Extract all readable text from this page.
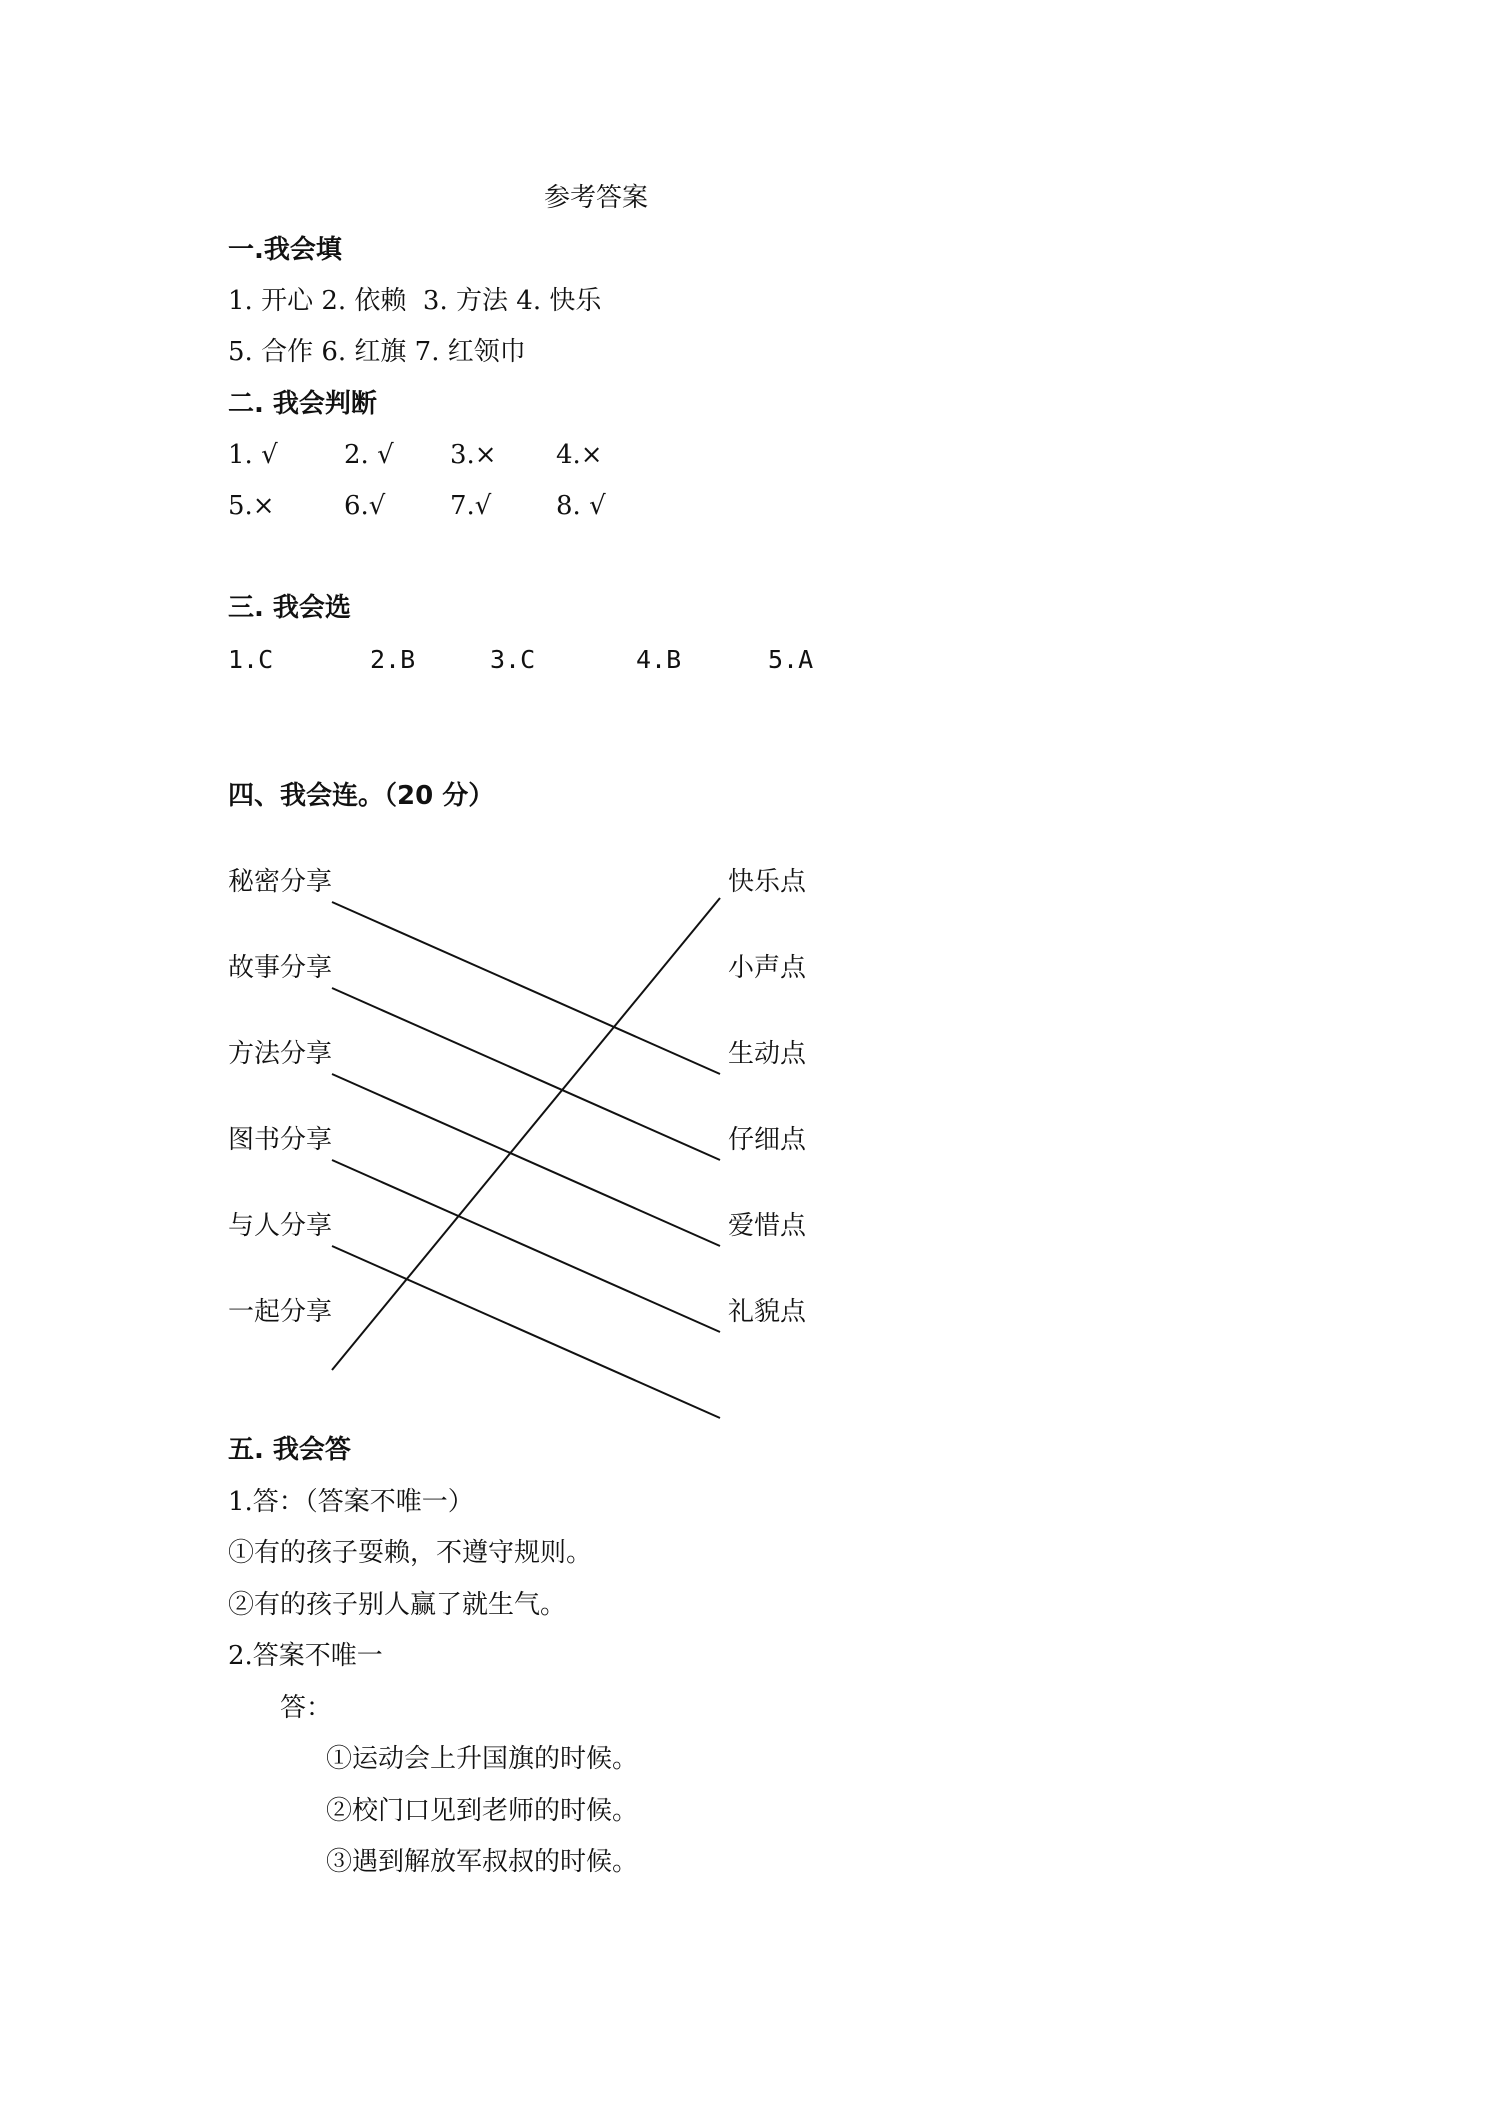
参考答案
一.我会填
1. 开心 2. 依赖  3. 方法 4. 快乐
5. 合作 6. 红旗 7. 红领巾
二. 我会判断
1. √	2. √ 3.× 4.×
5.×	6.√ 7.√ 8. √
三. 我会选
1.C	2.B	3.C	4.B	5.A
四、我会连。（20 分）
秘密分享
故事分享
方法分享
图书分享
与人分享
一起分享
快乐点
小声点
生动点
仔细点
爱惜点
礼貌点
五. 我会答
1.答：（答案不唯一）
①有的孩子耍赖，不遵守规则。
②有的孩子别人赢了就生气。
2.答案不唯一
答：
①运动会上升国旗的时候。
②校门口见到老师的时候。
③遇到解放军叔叔的时候。
